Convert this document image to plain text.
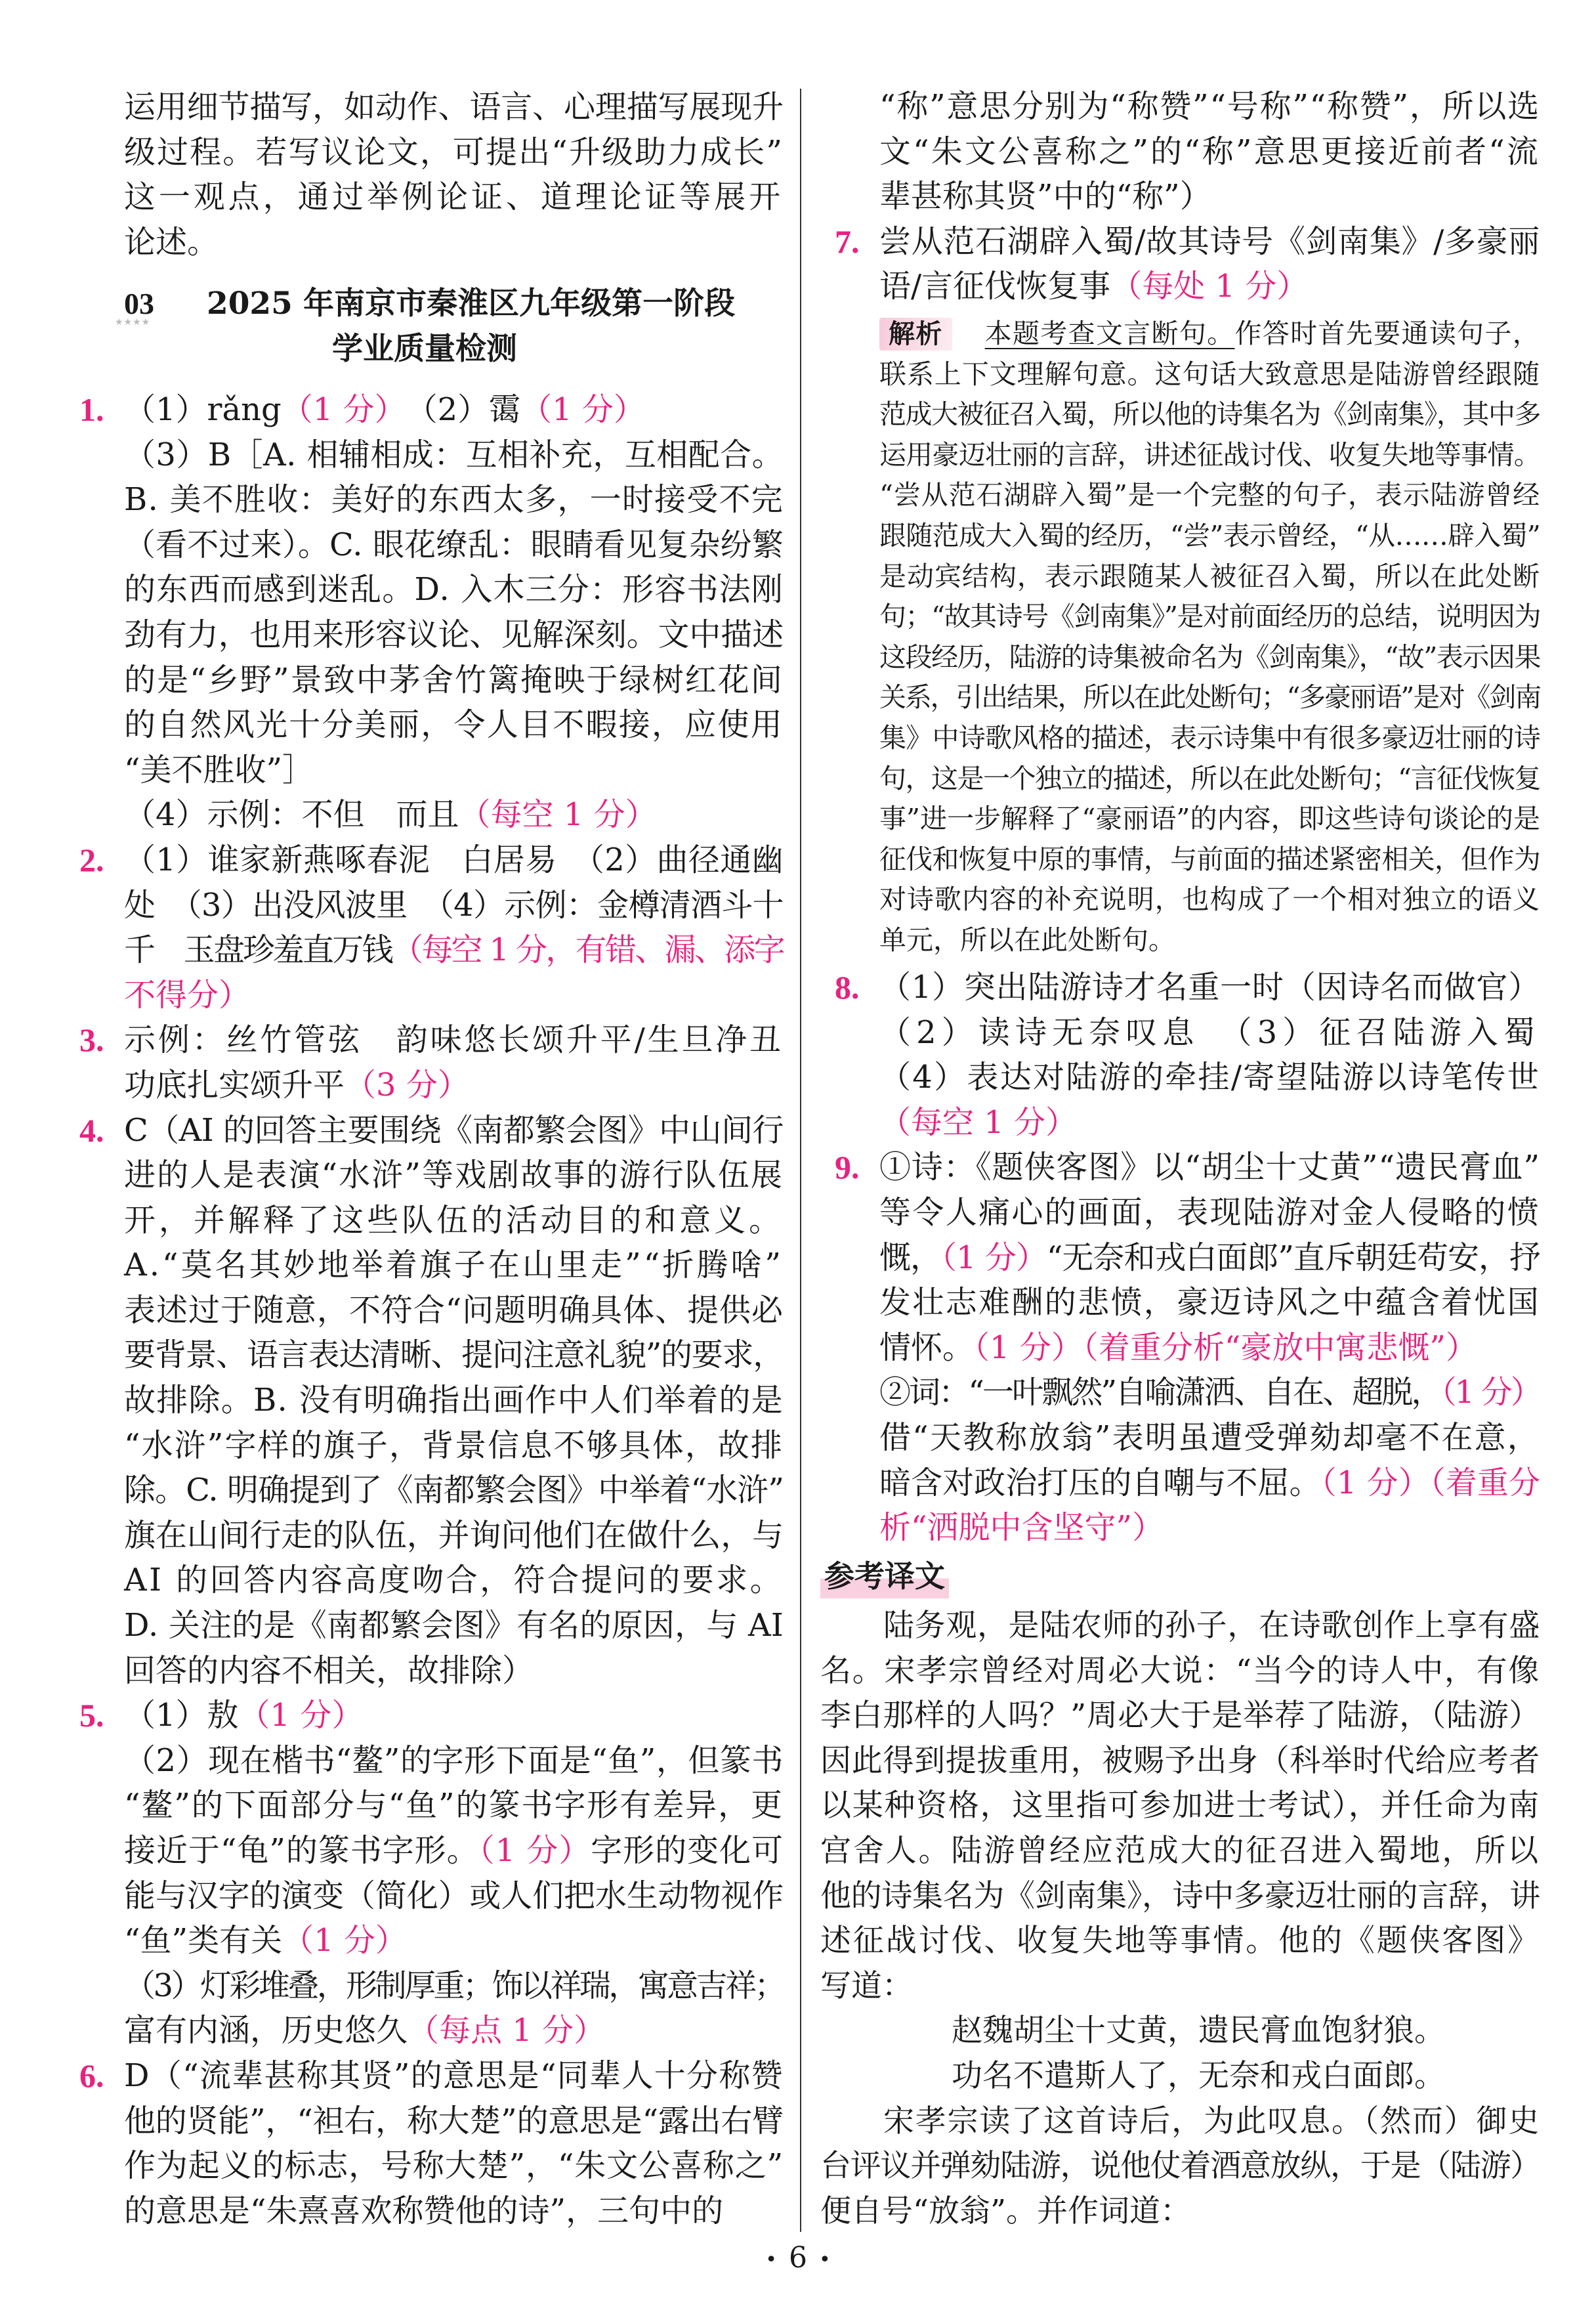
运用细节描写，如动作、语言、心理描写展现升
级过程。若写议论文，可提出“升级助力成长”
这一观点，通过举例论证、道理论证等展开
论述。
03
★★★★
2025 年南京市秦淮区九年级第一阶段
学业质量检测
1. （1）rǎng（1 分）　（2）霭（1 分）
（3）B［A. 相辅相成：互相补充，互相配合。
B. 美不胜收：美好的东西太多，一时接受不完
（看不过来）。C. 眼花缭乱：眼睛看见复杂纷繁
的东西而感到迷乱。D. 入木三分：形容书法刚
劲有力，也用来形容议论、见解深刻。文中描述
的是“乡野”景致中茅舍竹篱掩映于绿树红花间
的自然风光十分美丽，令人目不暇接，应使用
“美不胜收”］
（4）示例：不但　而且（每空 1 分）
2. （1）谁家新燕啄春泥　白居易　（2）曲径通幽
处　（3）出没风波里　（4）示例：金樽清酒斗十
千　玉盘珍羞直万钱（每空 1 分，有错、漏、添字
不得分）
3. 示例：丝竹管弦　韵味悠长颂升平/生旦净丑
功底扎实颂升平（3 分）
4. C（AI 的回答主要围绕《南都繁会图》中山间行
进的人是表演“水浒”等戏剧故事的游行队伍展
开，并解释了这些队伍的活动目的和意义。
A.“莫名其妙地举着旗子在山里走”“折腾啥”
表述过于随意，不符合“问题明确具体、提供必
要背景、语言表达清晰、提问注意礼貌”的要求，
故排除。B. 没有明确指出画作中人们举着的是
“水浒”字样的旗子，背景信息不够具体，故排
除。C. 明确提到了《南都繁会图》中举着“水浒”
旗在山间行走的队伍，并询问他们在做什么，与
AI 的回答内容高度吻合，符合提问的要求。
D. 关注的是《南都繁会图》有名的原因，与 AI
回答的内容不相关，故排除）
5. （1）敖（1 分）
（2）现在楷书“鳌”的字形下面是“鱼”，但篆书
“鳌”的下面部分与“鱼”的篆书字形有差异，更
接近于“龟”的篆书字形。（1 分）字形的变化可
能与汉字的演变（简化）或人们把水生动物视作
“鱼”类有关（1 分）
（3）灯彩堆叠，形制厚重；饰以祥瑞，寓意吉祥；
富有内涵，历史悠久（每点 1 分）
6. D（“流辈甚称其贤”的意思是“同辈人十分称赞
他的贤能”，“袒右，称大楚”的意思是“露出右臂
作为起义的标志，号称大楚”，“朱文公喜称之”
的意思是“朱熹喜欢称赞他的诗”，三句中的
“称”意思分别为“称赞”“号称”“称赞”，所以选
文“朱文公喜称之”的“称”意思更接近前者“流
辈甚称其贤”中的“称”）
7. 尝从范石湖辟入蜀/故其诗号《剑南集》/多豪丽
语/言征伐恢复事（每处 1 分）
解析 本题考查文言断句。作答时首先要通读句子，
联系上下文理解句意。这句话大致意思是陆游曾经跟随
范成大被征召入蜀，所以他的诗集名为《剑南集》，其中多
运用豪迈壮丽的言辞，讲述征战讨伐、收复失地等事情。
“尝从范石湖辟入蜀”是一个完整的句子，表示陆游曾经
跟随范成大入蜀的经历，“尝”表示曾经，“从……辟入蜀”
是动宾结构，表示跟随某人被征召入蜀，所以在此处断
句；“故其诗号《剑南集》”是对前面经历的总结，说明因为
这段经历，陆游的诗集被命名为《剑南集》，“故”表示因果
关系，引出结果，所以在此处断句；“多豪丽语”是对《剑南
集》中诗歌风格的描述，表示诗集中有很多豪迈壮丽的诗
句，这是一个独立的描述，所以在此处断句；“言征伐恢复
事”进一步解释了“豪丽语”的内容，即这些诗句谈论的是
征伐和恢复中原的事情，与前面的描述紧密相关，但作为
对诗歌内容的补充说明，也构成了一个相对独立的语义
单元，所以在此处断句。
8. （1）突出陆游诗才名重一时（因诗名而做官）
（2）读诗无奈叹息　（3）征召陆游入蜀
（4）表达对陆游的牵挂/寄望陆游以诗笔传世
（每空 1 分）
9. ①诗：《题侠客图》以“胡尘十丈黄”“遗民膏血”
等令人痛心的画面，表现陆游对金人侵略的愤
慨，（1 分）“无奈和戎白面郎”直斥朝廷苟安，抒
发壮志难酬的悲愤，豪迈诗风之中蕴含着忧国
情怀。（1 分）（着重分析“豪放中寓悲慨”）
②词：“一叶飘然”自喻潇洒、自在、超脱，（1 分）
借“天教称放翁”表明虽遭受弹劾却毫不在意，
暗含对政治打压的自嘲与不屈。（1 分）（着重分
析“洒脱中含坚守”）
参考译文
陆务观，是陆农师的孙子，在诗歌创作上享有盛
名。宋孝宗曾经对周必大说：“当今的诗人中，有像
李白那样的人吗？”周必大于是举荐了陆游，（陆游）
因此得到提拔重用，被赐予出身（科举时代给应考者
以某种资格，这里指可参加进士考试），并任命为南
宫舍人。陆游曾经应范成大的征召进入蜀地，所以
他的诗集名为《剑南集》，诗中多豪迈壮丽的言辞，讲
述征战讨伐、收复失地等事情。他的《题侠客图》
写道：
赵魏胡尘十丈黄，遗民膏血饱豺狼。
功名不遣斯人了，无奈和戎白面郎。
宋孝宗读了这首诗后，为此叹息。（然而）御史
台评议并弹劾陆游，说他仗着酒意放纵，于是（陆游）
便自号“放翁”。并作词道：
• 6 •
